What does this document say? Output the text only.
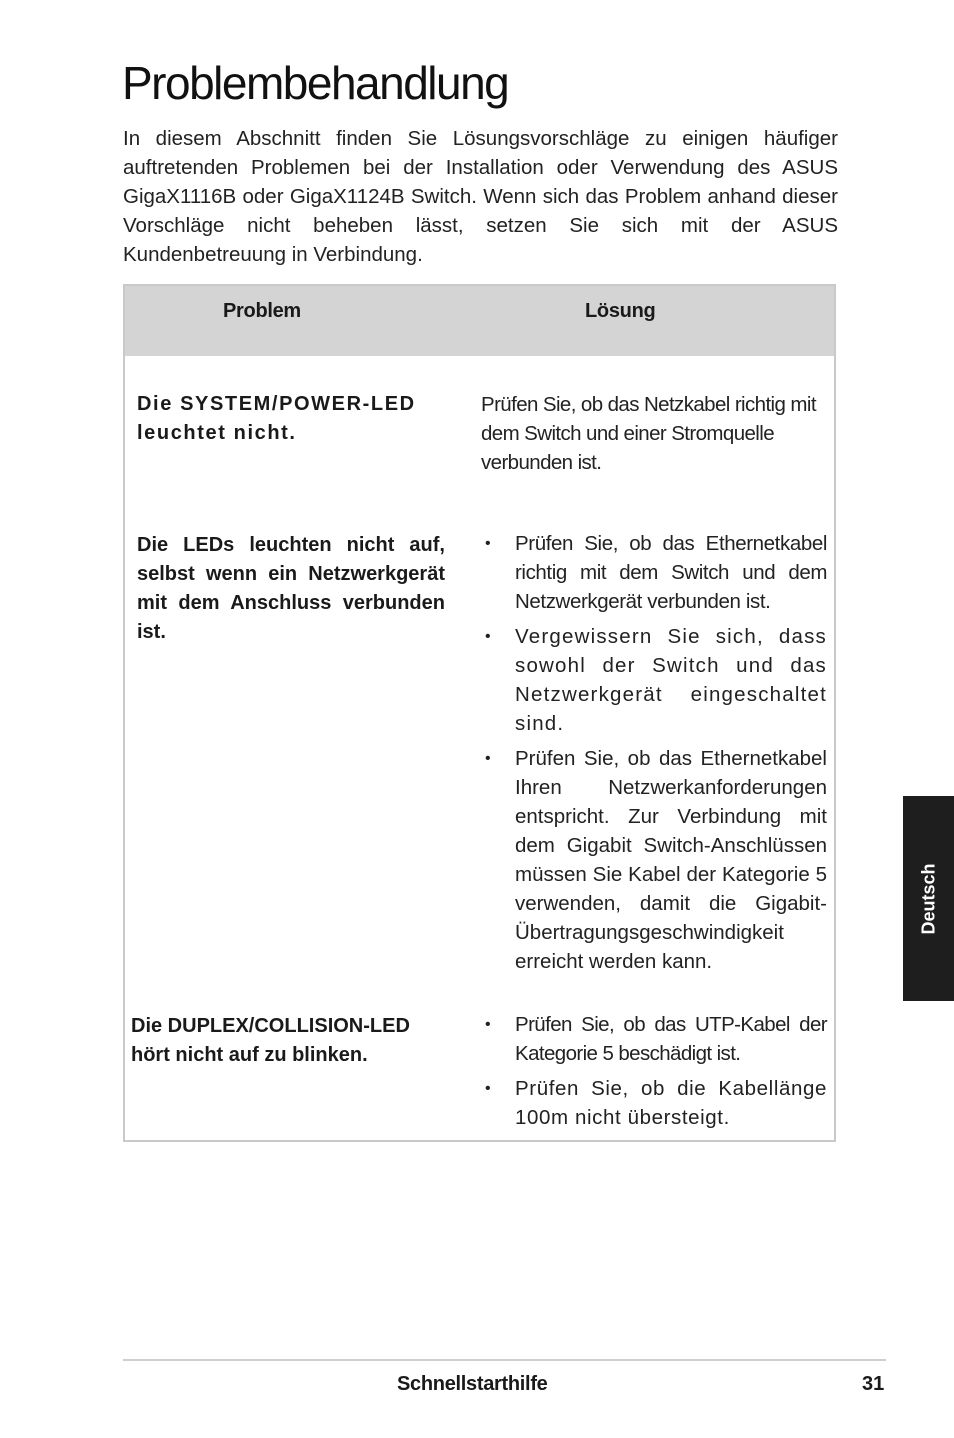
Problembehandlung

In diesem Abschnitt finden Sie Lösungsvorschläge zu einigen häufiger auftretenden Problemen bei der Installation oder Verwendung des ASUS GigaX1116B oder GigaX1124B Switch. Wenn sich das Problem anhand dieser Vorschläge nicht beheben lässt, setzen Sie sich mit der ASUS Kundenbetreuung in Verbindung.

Problem	Lösung
Die SYSTEM/POWER-LED leuchtet nicht.
Prüfen Sie, ob das Netzkabel richtig mit dem Switch und einer Stromquelle verbunden ist.
Die LEDs leuchten nicht auf, selbst wenn ein Netzwerkgerät mit dem Anschluss verbunden ist.
• Prüfen Sie, ob das Ethernetkabel richtig mit dem Switch und dem Netzwerkgerät verbunden ist.
• Vergewissern Sie sich, dass sowohl der Switch und das Netzwerkgerät eingeschaltet sind.
• Prüfen Sie, ob das Ethernetkabel Ihren Netzwerkanforderungen entspricht. Zur Verbindung mit dem Gigabit Switch-Anschlüssen müssen Sie Kabel der Kategorie 5 verwenden, damit die Gigabit-Übertragungsgeschwindigkeit erreicht werden kann.
Die DUPLEX/COLLISION-LED hört nicht auf zu blinken.
• Prüfen Sie, ob das UTP-Kabel der Kategorie 5 beschädigt ist.
• Prüfen Sie, ob die Kabellänge 100m nicht übersteigt.
Deutsch
Schnellstarthilfe	31
